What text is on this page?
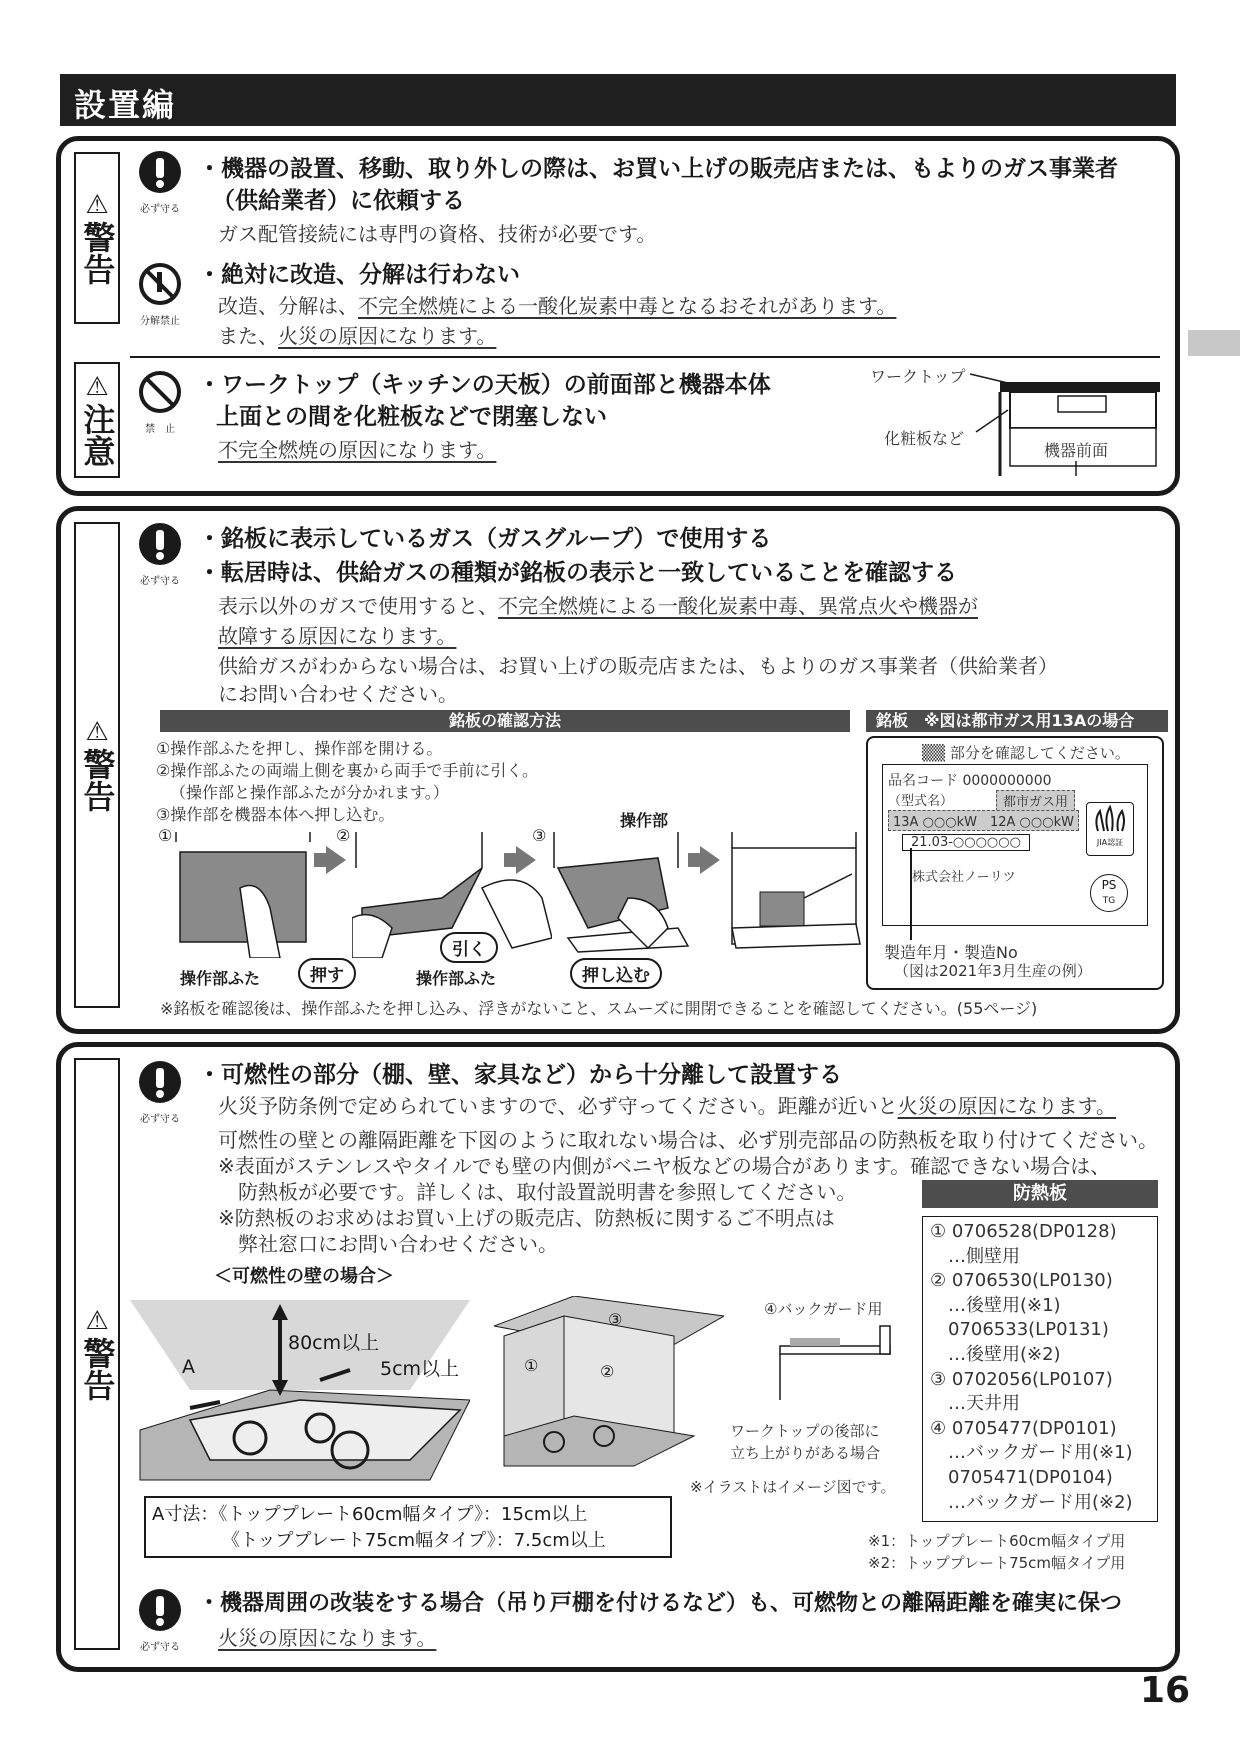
設置編
⚠
警告
⚠
注意
必ず守る
・機器の設置、移動、取り外しの際は、お買い上げの販売店または、もよりのガス事業者
（供給業者）に依頼する
ガス配管接続には専門の資格、技術が必要です。
分解禁止
・絶対に改造、分解は行わない
改造、分解は、不完全燃焼による一酸化炭素中毒となるおそれがあります。
また、火災の原因になります。
禁　止
・ワークトップ（キッチンの天板）の前面部と機器本体
上面との間を化粧板などで閉塞しない
不完全燃焼の原因になります。
ワークトップ
化粧板など
機器前面
⚠
警告
必ず守る
・銘板に表示しているガス（ガスグループ）で使用する
・転居時は、供給ガスの種類が銘板の表示と一致していることを確認する
表示以外のガスで使用すると、不完全燃焼による一酸化炭素中毒、異常点火や機器が
故障する原因になります。
供給ガスがわからない場合は、お買い上げの販売店または、もよりのガス事業者（供給業者）
にお問い合わせください。
銘板の確認方法
①操作部ふたを押し、操作部を開ける。
②操作部ふたの両端上側を裏から両手で手前に引く。
（操作部と操作部ふたが分かれます。）
③操作部を機器本体へ押し込む。
①	②	③
操作部
操作部ふた	押す	操作部ふた
引く
押し込む
銘板　※図は都市ガス用13Aの場合
▒▒ 部分を確認してください。
品名コード 0000000000
（型式名）	都市ガス用
13A ○○○kW　12A ○○○kW
21.03-○○○○○○
株式会社ノーリツ
JIA認証
PS
TG
製造年月・製造No
（図は2021年3月生産の例）
※銘板を確認後は、操作部ふたを押し込み、浮きがないこと、スムーズに開閉できることを確認してください。(55ページ)
⚠
警告
必ず守る
・可燃性の部分（棚、壁、家具など）から十分離して設置する
火災予防条例で定められていますので、必ず守ってください。距離が近いと火災の原因になります。
可燃性の壁との離隔距離を下図のように取れない場合は、必ず別売部品の防熱板を取り付けてください。
※表面がステンレスやタイルでも壁の内側がベニヤ板などの場合があります。確認できない場合は、
防熱板が必要です。詳しくは、取付設置説明書を参照してください。
※防熱板のお求めはお買い上げの販売店、防熱板に関するご不明点は
弊社窓口にお問い合わせください。
＜可燃性の壁の場合＞
80cm以上
5cm以上
A
③
①	②
④バックガード用
ワークトップの後部に
立ち上がりがある場合
※イラストはイメージ図です。
A寸法：《トッププレート60cm幅タイプ》：15cm以上
《トッププレート75cm幅タイプ》：7.5cm以上
防熱板
① 0706528(DP0128)
　…側壁用
② 0706530(LP0130)
　…後壁用(※1)
　0706533(LP0131)
　…後壁用(※2)
③ 0702056(LP0107)
　…天井用
④ 0705477(DP0101)
　…バックガード用(※1)
　0705471(DP0104)
　…バックガード用(※2)
※1：トッププレート60cm幅タイプ用
※2：トッププレート75cm幅タイプ用
必ず守る
・機器周囲の改装をする場合（吊り戸棚を付けるなど）も、可燃物との離隔距離を確実に保つ
火災の原因になります。
16
